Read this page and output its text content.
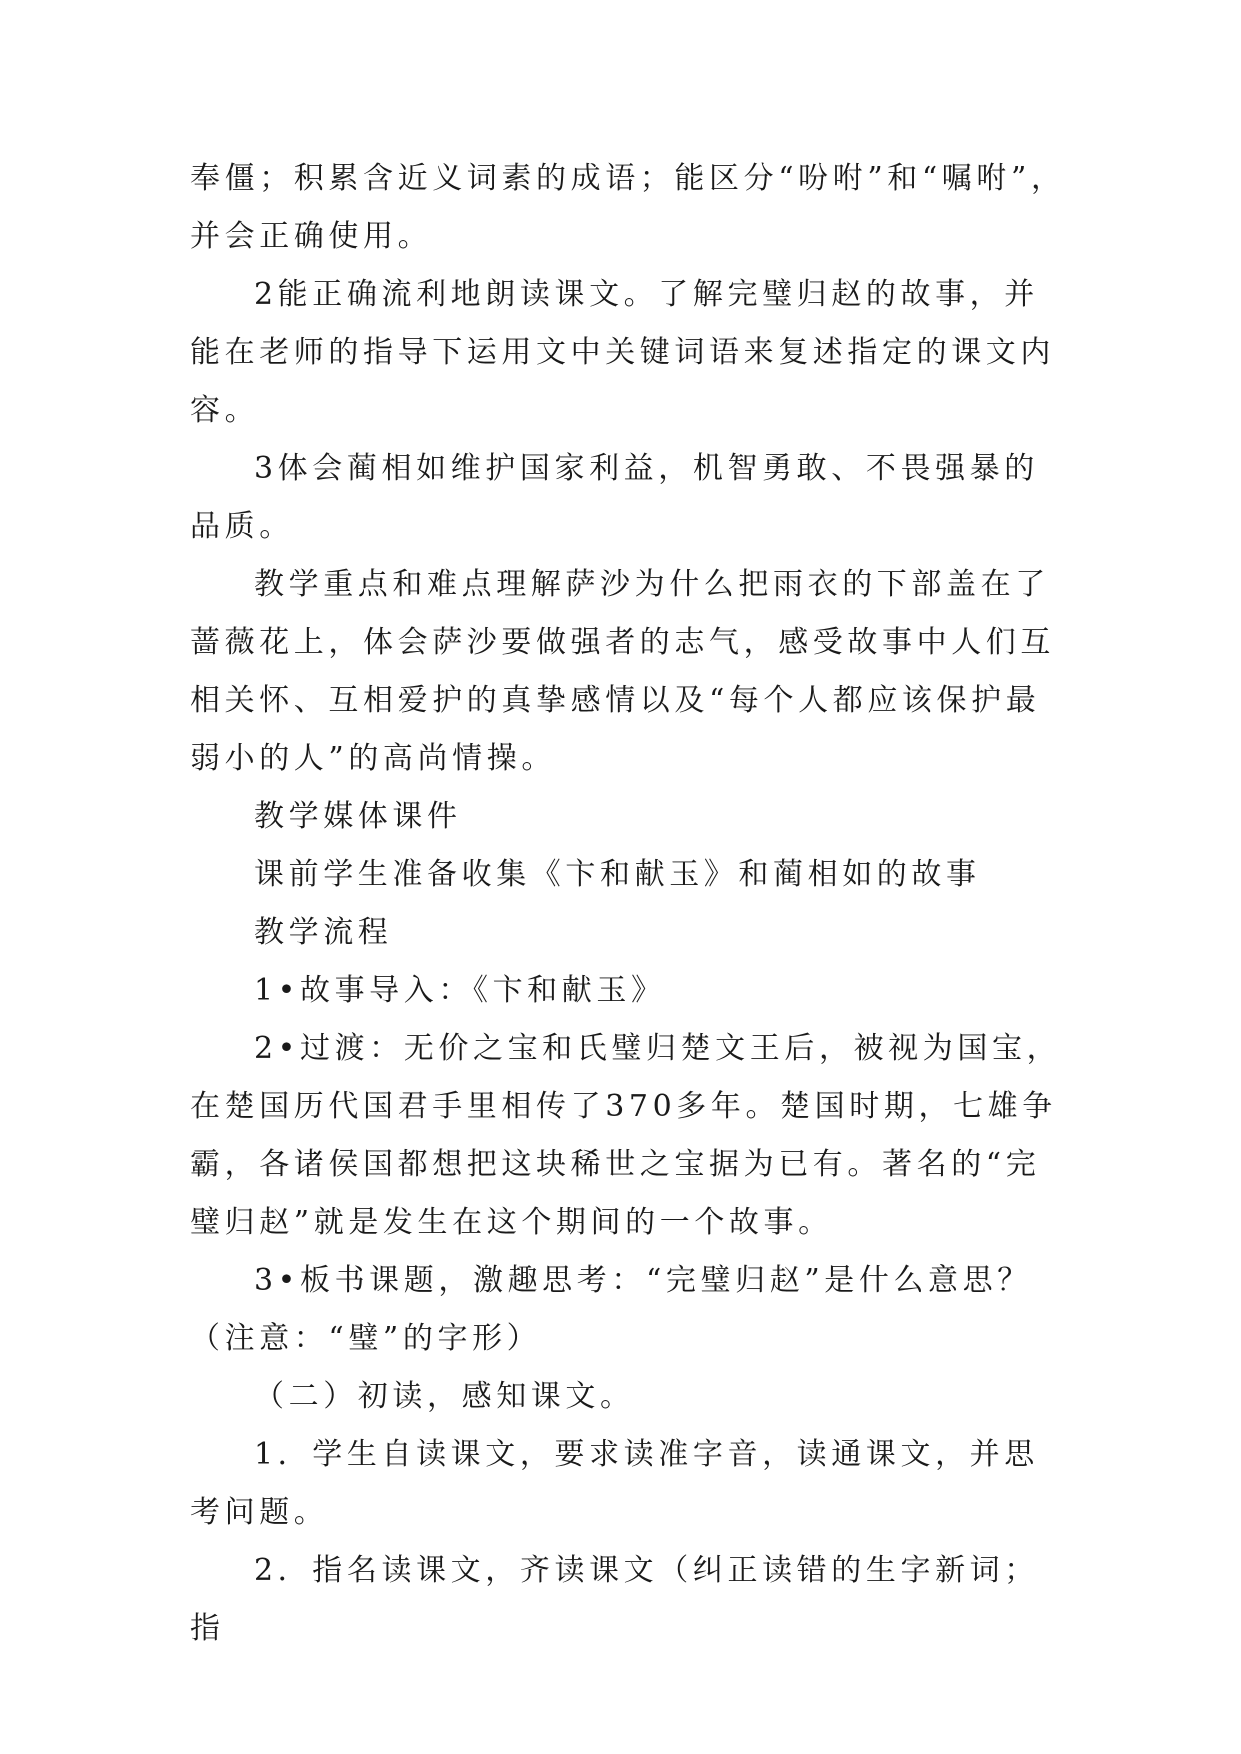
奉僵；积累含近义词素的成语；能区分“吩咐”和“嘱咐”，并会正确使用。

2能正确流利地朗读课文。了解完璧归赵的故事，并能在老师的指导下运用文中关键词语来复述指定的课文内容。

3体会蔺相如维护国家利益，机智勇敢、不畏强暴的品质。

教学重点和难点理解萨沙为什么把雨衣的下部盖在了蔷薇花上，体会萨沙要做强者的志气，感受故事中人们互相关怀、互相爱护的真挚感情以及“每个人都应该保护最弱小的人”的高尚情操。

教学媒体课件

课前学生准备收集《卞和献玉》和蔺相如的故事

教学流程

1•故事导入：《卞和献玉》

2•过渡：无价之宝和氏璧归楚文王后，被视为国宝，在楚国历代国君手里相传了370多年。楚国时期，七雄争霸，各诸侯国都想把这块稀世之宝据为已有。著名的“完璧归赵”就是发生在这个期间的一个故事。

3•板书课题，激趣思考：“完璧归赵”是什么意思？（注意：“璧”的字形）

（二）初读，感知课文。

1．学生自读课文，要求读准字音，读通课文，并思考问题。

2．指名读课文，齐读课文（纠正读错的生字新词；指
